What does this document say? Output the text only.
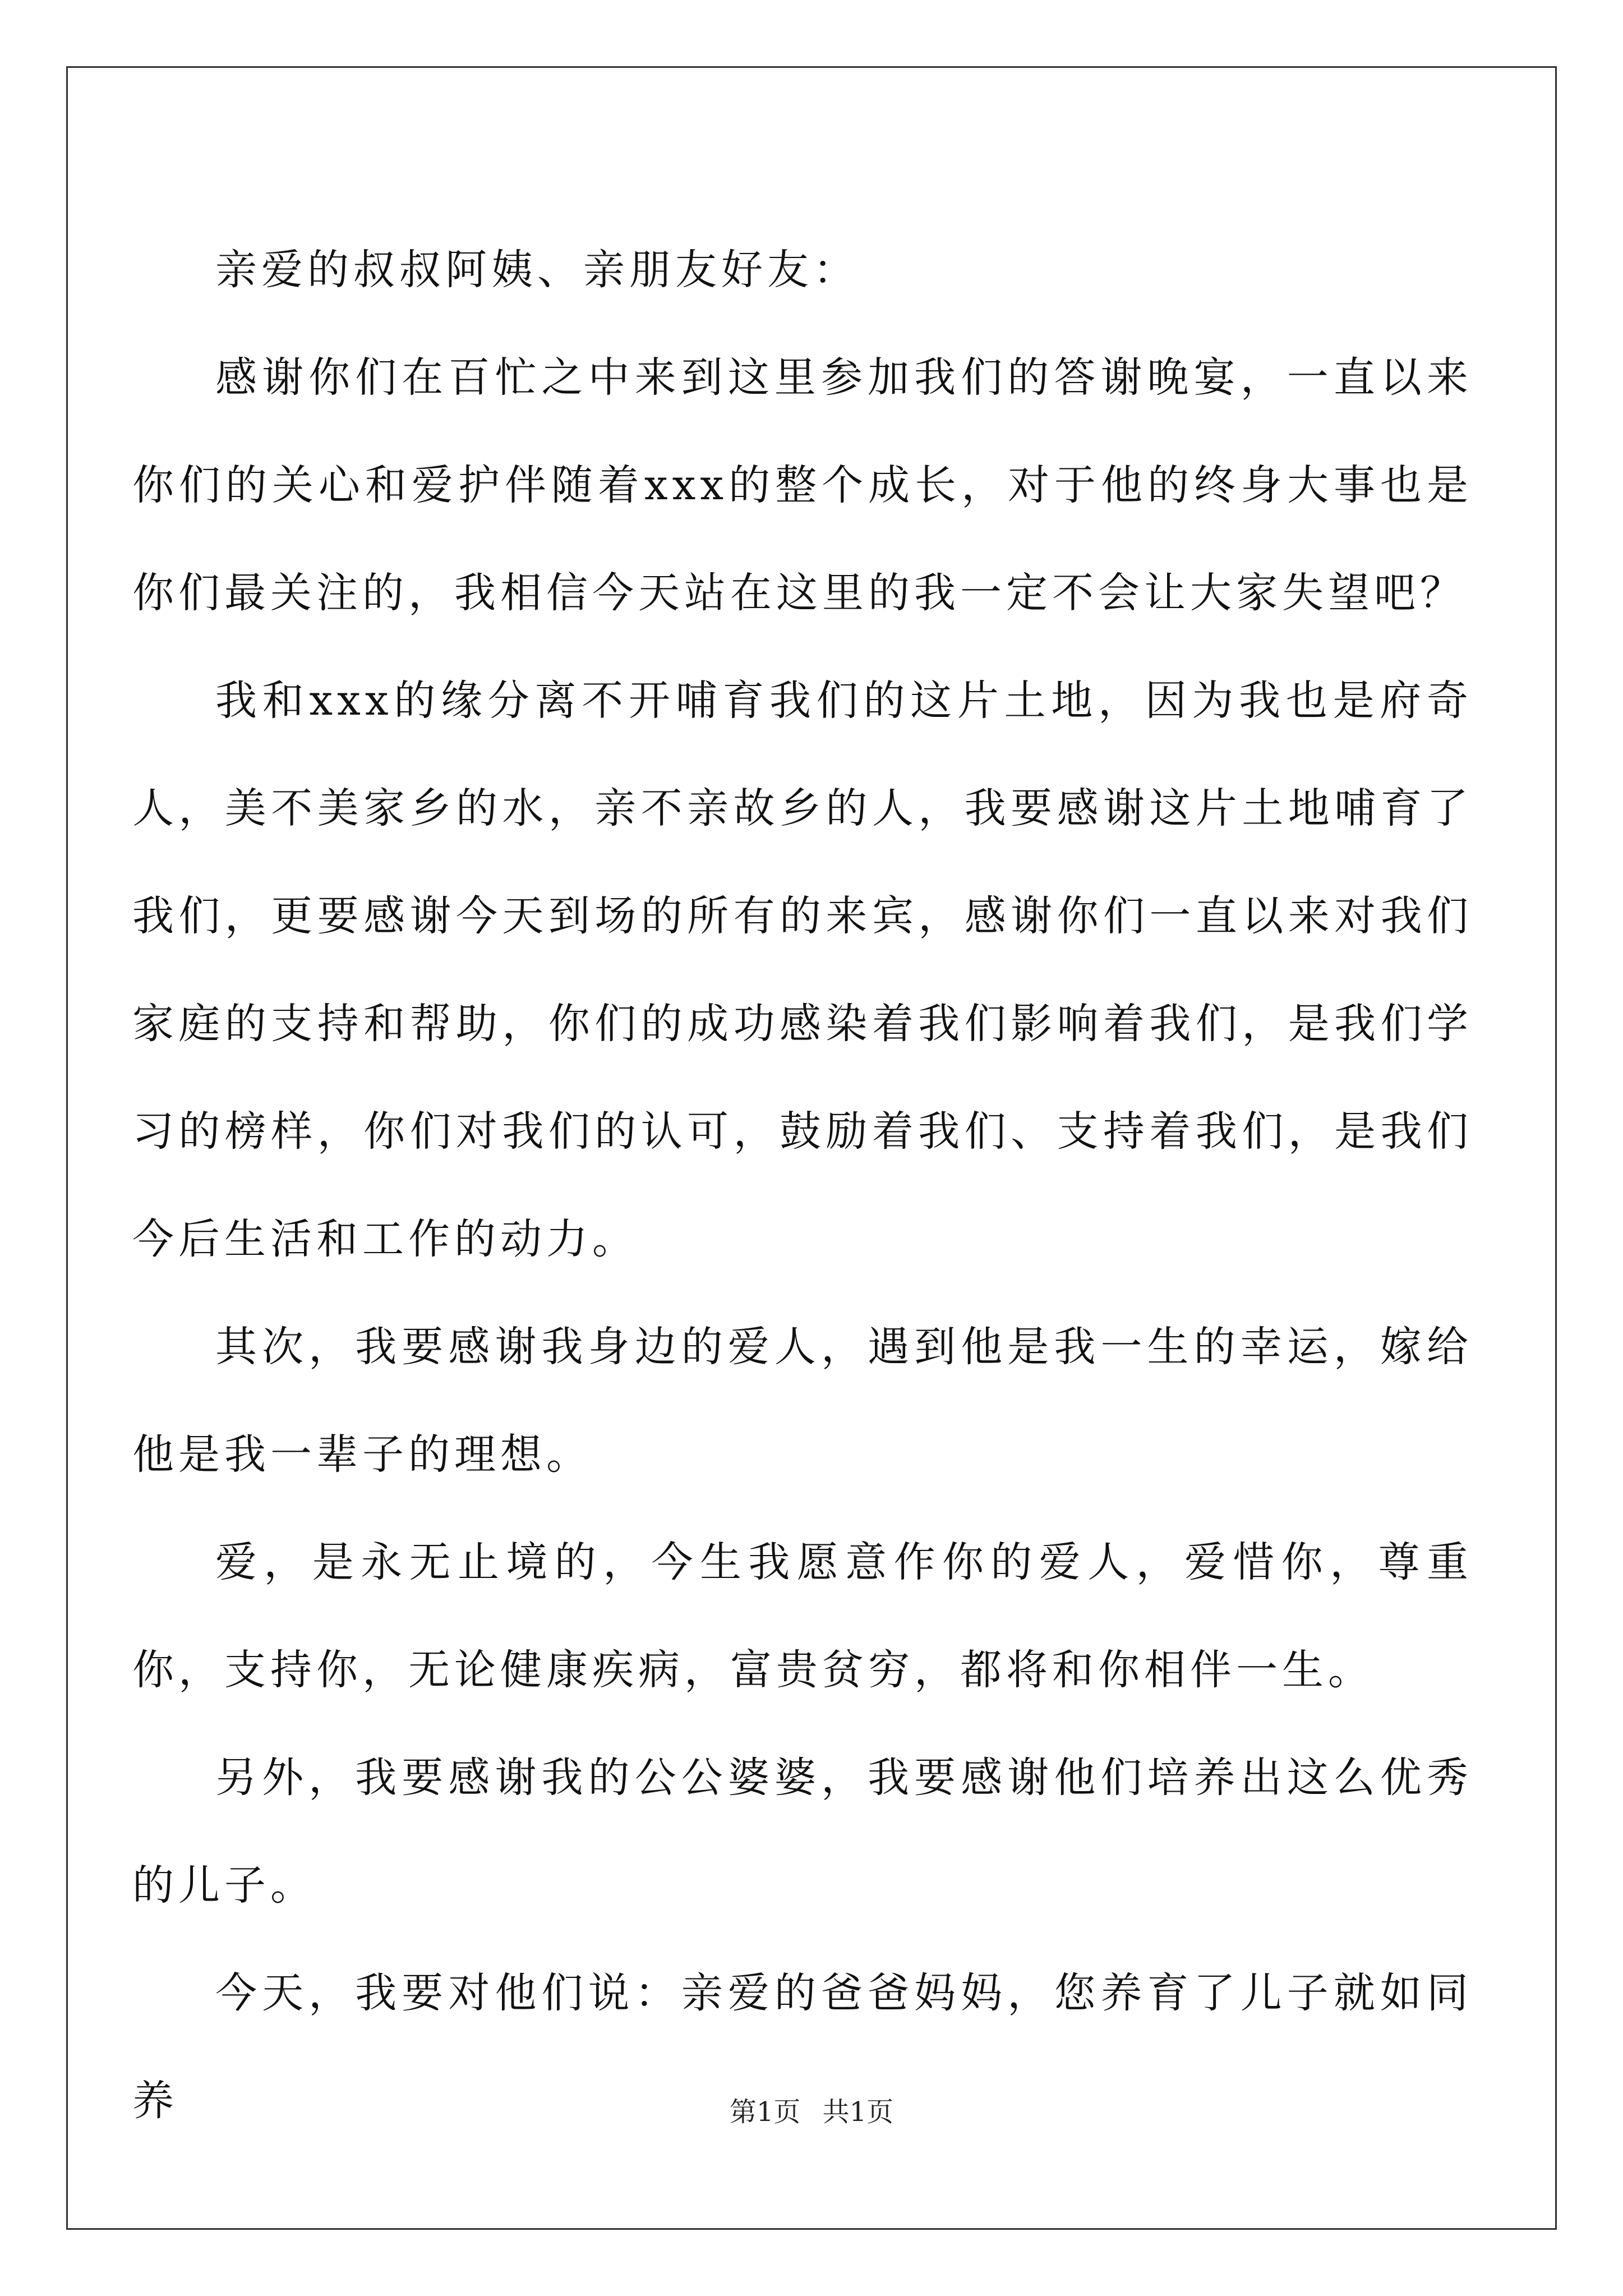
亲爱的叔叔阿姨、亲朋友好友：

感谢你们在百忙之中来到这里参加我们的答谢晚宴，一直以来你们的关心和爱护伴随着xxx的整个成长，对于他的终身大事也是你们最关注的，我相信今天站在这里的我一定不会让大家失望吧？

我和xxx的缘分离不开哺育我们的这片土地，因为我也是府奇人，美不美家乡的水，亲不亲故乡的人，我要感谢这片土地哺育了我们，更要感谢今天到场的所有的来宾，感谢你们一直以来对我们家庭的支持和帮助，你们的成功感染着我们影响着我们，是我们学习的榜样，你们对我们的认可，鼓励着我们、支持着我们，是我们今后生活和工作的动力。

其次，我要感谢我身边的爱人，遇到他是我一生的幸运，嫁给他是我一辈子的理想。

爱，是永无止境的，今生我愿意作你的爱人，爱惜你，尊重你，支持你，无论健康疾病，富贵贫穷，都将和你相伴一生。

另外，我要感谢我的公公婆婆，我要感谢他们培养出这么优秀的儿子。

今天，我要对他们说：亲爱的爸爸妈妈，您养育了儿子就如同养	第1页 共1页
